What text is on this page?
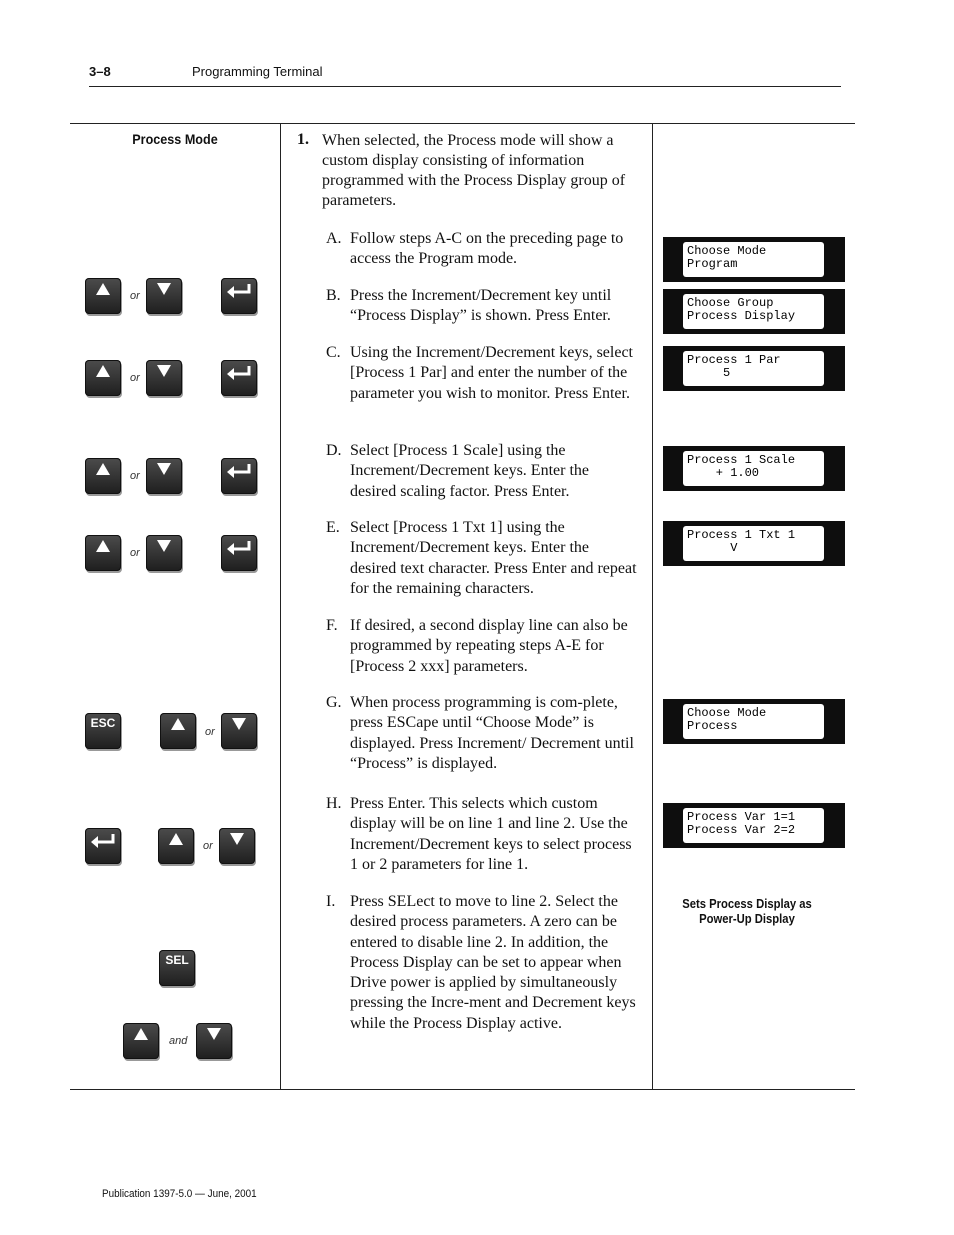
3–8	Programming Terminal
Process Mode	1. When selected, the Process mode will show a custom display consisting of information programmed with the Process Display group of parameters.
A. Follow steps A-C on the preceding page to access the Program mode.
B. Press the Increment/Decrement key until “Process Display” is shown. Press Enter.
C. Using the Increment/Decrement keys, select [Process 1 Par] and enter the number of the parameter you wish to monitor. Press Enter.
D. Select [Process 1 Scale] using the Increment/Decrement keys. Enter the desired scaling factor. Press Enter.
E. Select [Process 1 Txt 1] using the Increment/Decrement keys. Enter the desired text character. Press Enter and repeat for the remaining characters.
F. If desired, a second display line can also be programmed by repeating steps A-E for [Process 2 xxx] parameters.
G. When process programming is com-plete, press ESCape until “Choose Mode” is displayed. Press Increment/ Decrement until “Process” is displayed.
H. Press Enter. This selects which custom display will be on line 1 and line 2. Use the Increment/Decrement keys to select process 1 or 2 parameters for line 1.
I. Press SELect to move to line 2. Select the desired process parameters. A zero can be entered to disable line 2. In addition, the Process Display can be set to appear when Drive power is applied by simultaneously pressing the Incre-ment and Decrement keys while the Process Display active.
or
or
or
or
ESC
or
or
SEL
and
Choose Mode
Program
Choose Group
Process Display
Process 1 Par
5
Process 1 Scale
+ 1.00
Process 1 Txt 1
V
Choose Mode
Process
Process Var 1=1
Process Var 2=2
Sets Process Display as Power-Up Display
Publication 1397-5.0 — June, 2001
